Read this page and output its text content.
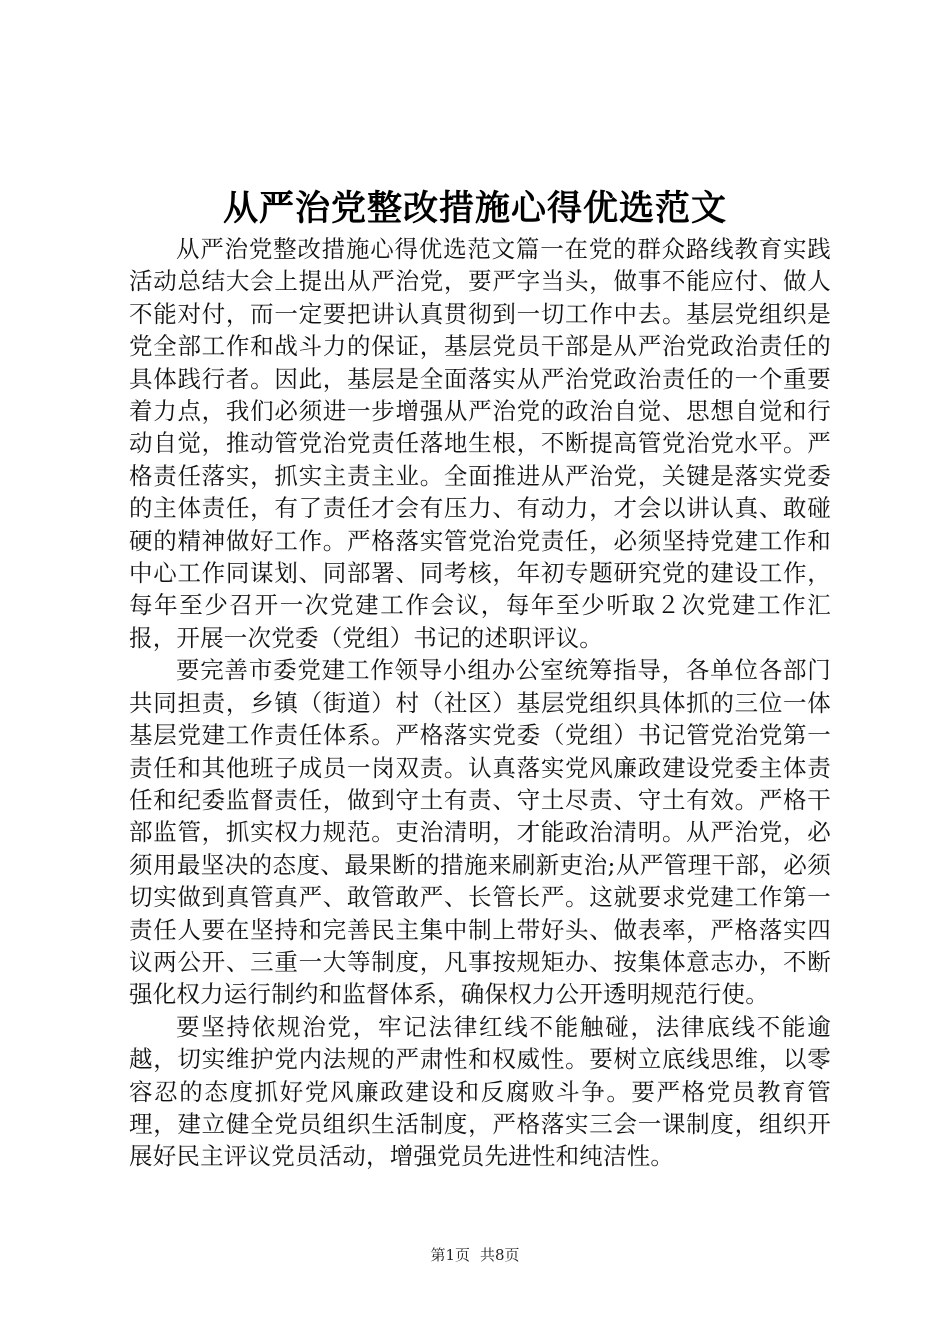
从严治党整改措施心得优选范文

从严治党整改措施心得优选范文篇一在党的群众路线教育实践活动总结大会上提出从严治党，要严字当头，做事不能应付、做人不能对付，而一定要把讲认真贯彻到一切工作中去。基层党组织是党全部工作和战斗力的保证，基层党员干部是从严治党政治责任的具体践行者。因此，基层是全面落实从严治党政治责任的一个重要着力点，我们必须进一步增强从严治党的政治自觉、思想自觉和行动自觉，推动管党治党责任落地生根，不断提高管党治党水平。严格责任落实，抓实主责主业。全面推进从严治党，关键是落实党委的主体责任，有了责任才会有压力、有动力，才会以讲认真、敢碰硬的精神做好工作。严格落实管党治党责任，必须坚持党建工作和中心工作同谋划、同部署、同考核，年初专题研究党的建设工作，每年至少召开一次党建工作会议，每年至少听取２次党建工作汇报，开展一次党委（党组）书记的述职评议。

要完善市委党建工作领导小组办公室统筹指导，各单位各部门共同担责，乡镇（街道）村（社区）基层党组织具体抓的三位一体基层党建工作责任体系。严格落实党委（党组）书记管党治党第一责任和其他班子成员一岗双责。认真落实党风廉政建设党委主体责任和纪委监督责任，做到守土有责、守土尽责、守土有效。严格干部监管，抓实权力规范。吏治清明，才能政治清明。从严治党，必须用最坚决的态度、最果断的措施来刷新吏治;从严管理干部，必须切实做到真管真严、敢管敢严、长管长严。这就要求党建工作第一责任人要在坚持和完善民主集中制上带好头、做表率，严格落实四议两公开、三重一大等制度，凡事按规矩办、按集体意志办，不断强化权力运行制约和监督体系，确保权力公开透明规范行使。

要坚持依规治党，牢记法律红线不能触碰，法律底线不能逾越，切实维护党内法规的严肃性和权威性。要树立底线思维，以零容忍的态度抓好党风廉政建设和反腐败斗争。要严格党员教育管理，建立健全党员组织生活制度，严格落实三会一课制度，组织开展好民主评议党员活动，增强党员先进性和纯洁性。

第1页 共8页
